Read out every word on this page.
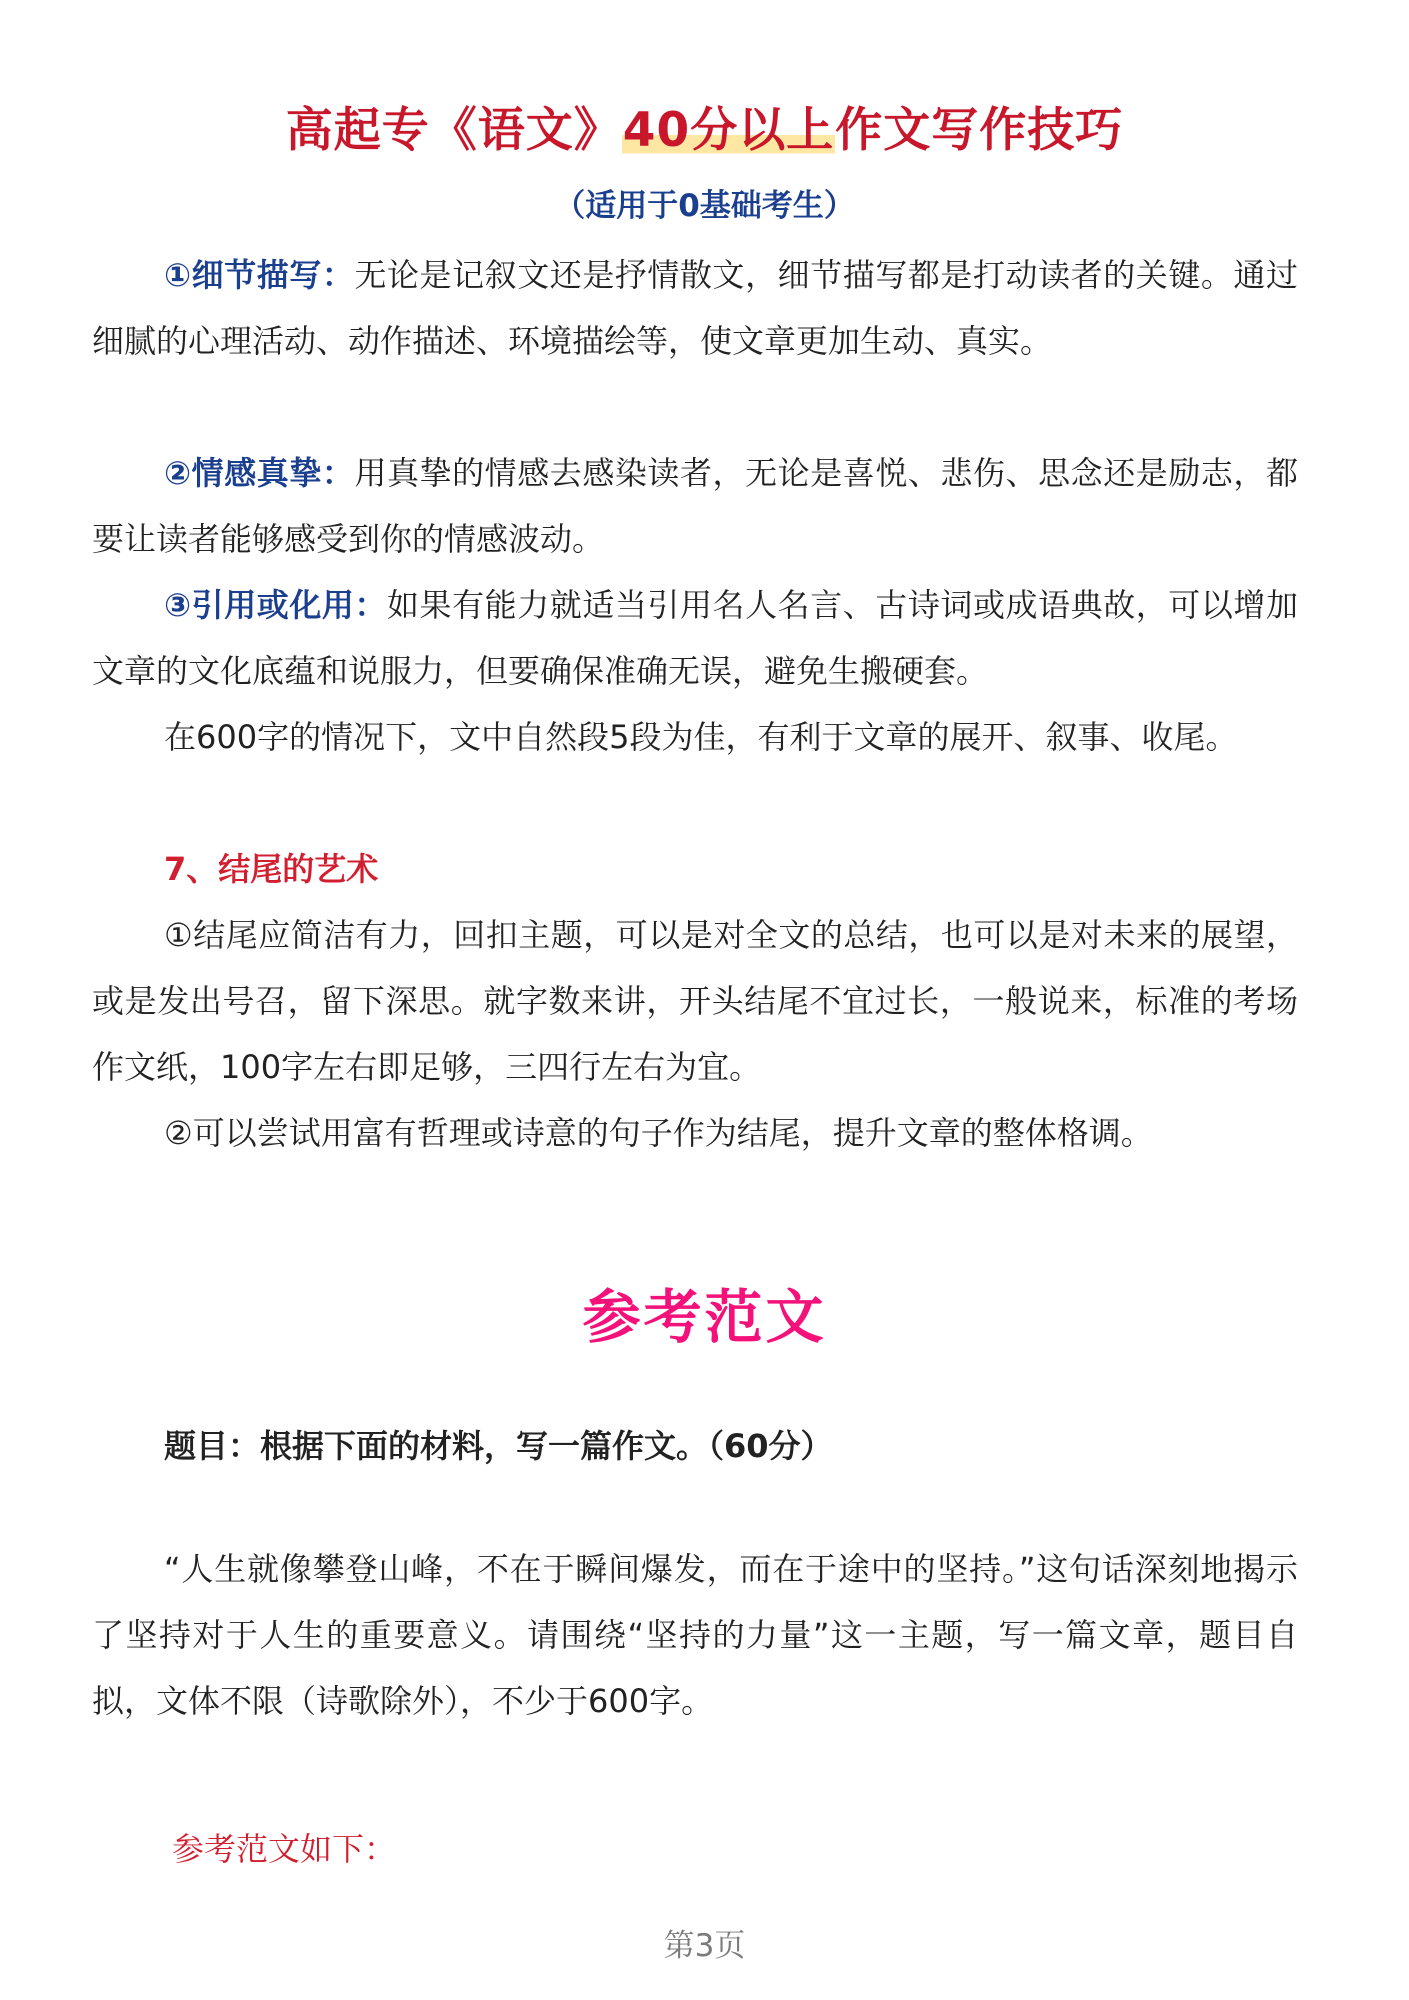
高起专《语文》40分以上作文写作技巧
（适用于0基础考生）

①细节描写：无论是记叙文还是抒情散文，细节描写都是打动读者的关键。通过细腻的心理活动、动作描述、环境描绘等，使文章更加生动、真实。

②情感真挚：用真挚的情感去感染读者，无论是喜悦、悲伤、思念还是励志，都要让读者能够感受到你的情感波动。

③引用或化用：如果有能力就适当引用名人名言、古诗词或成语典故，可以增加文章的文化底蕴和说服力，但要确保准确无误，避免生搬硬套。

在600字的情况下，文中自然段5段为佳，有利于文章的展开、叙事、收尾。

7、结尾的艺术

①结尾应简洁有力，回扣主题，可以是对全文的总结，也可以是对未来的展望，或是发出号召，留下深思。就字数来讲，开头结尾不宜过长，一般说来，标准的考场作文纸，100字左右即足够，三四行左右为宜。

②可以尝试用富有哲理或诗意的句子作为结尾，提升文章的整体格调。

参考范文
题目：根据下面的材料，写一篇作文。（60分）

“人生就像攀登山峰，不在于瞬间爆发，而在于途中的坚持。”这句话深刻地揭示了坚持对于人生的重要意义。请围绕“坚持的力量”这一主题，写一篇文章，题目自拟，文体不限（诗歌除外），不少于600字。

参考范文如下：
第3页
